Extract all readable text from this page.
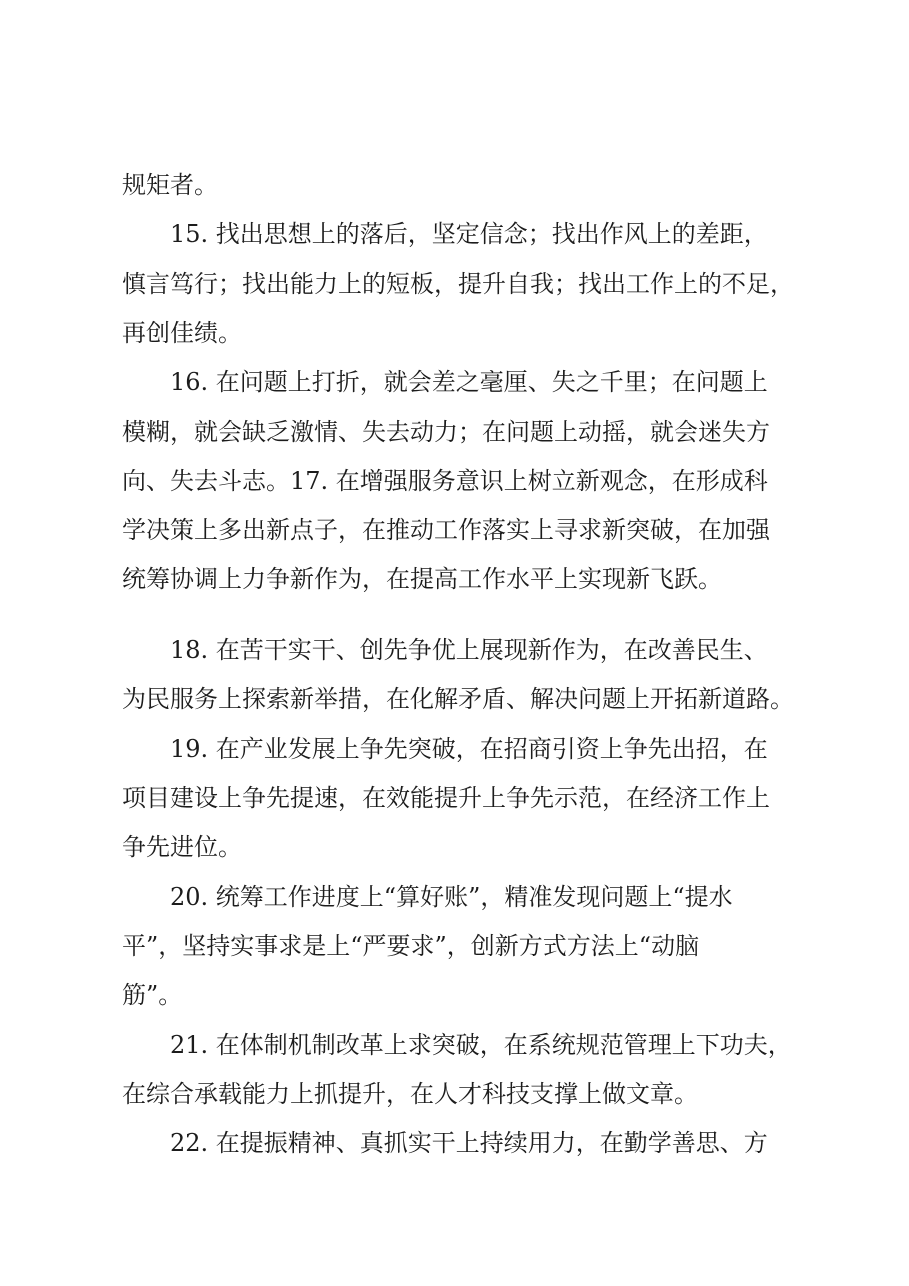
规矩者。
15. 找出思想上的落后，坚定信念；找出作风上的差距，
慎言笃行；找出能力上的短板，提升自我；找出工作上的不足，
再创佳绩。
16. 在问题上打折，就会差之毫厘、失之千里；在问题上
模糊，就会缺乏激情、失去动力；在问题上动摇，就会迷失方
向、失去斗志。17. 在增强服务意识上树立新观念，在形成科
学决策上多出新点子，在推动工作落实上寻求新突破，在加强
统筹协调上力争新作为，在提高工作水平上实现新飞跃。
18. 在苦干实干、创先争优上展现新作为，在改善民生、
为民服务上探索新举措，在化解矛盾、解决问题上开拓新道路。
19. 在产业发展上争先突破，在招商引资上争先出招，在
项目建设上争先提速，在效能提升上争先示范，在经济工作上
争先进位。
20. 统筹工作进度上“算好账”，精准发现问题上“提水
平”，坚持实事求是上“严要求”，创新方式方法上“动脑
筋”。
21. 在体制机制改革上求突破，在系统规范管理上下功夫，
在综合承载能力上抓提升，在人才科技支撑上做文章。
22. 在提振精神、真抓实干上持续用力，在勤学善思、方
